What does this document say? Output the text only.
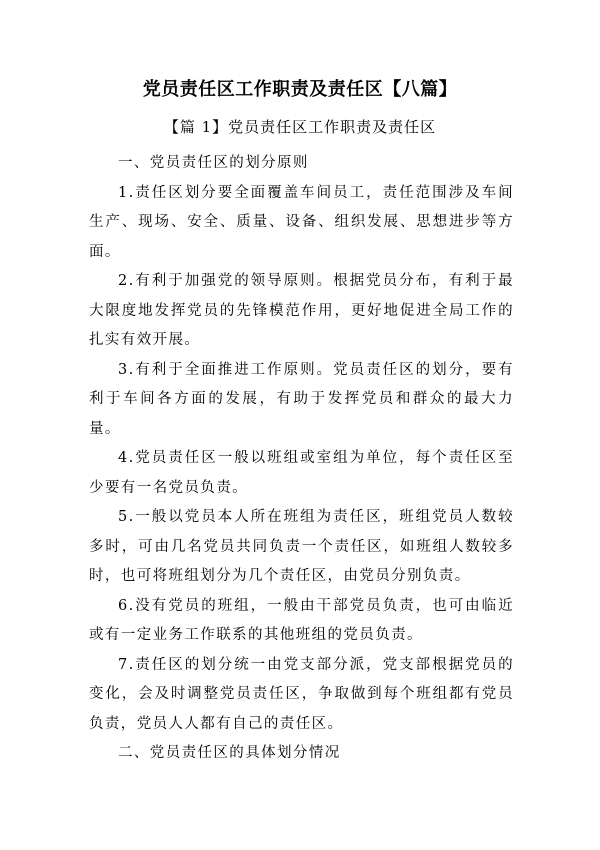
党员责任区工作职责及责任区【八篇】
【篇 1】党员责任区工作职责及责任区

一、党员责任区的划分原则

1.责任区划分要全面覆盖车间员工，责任范围涉及车间生产、现场、安全、质量、设备、组织发展、思想进步等方面。

2.有利于加强党的领导原则。根据党员分布，有利于最大限度地发挥党员的先锋模范作用，更好地促进全局工作的扎实有效开展。

3.有利于全面推进工作原则。党员责任区的划分，要有利于车间各方面的发展，有助于发挥党员和群众的最大力量。

4.党员责任区一般以班组或室组为单位，每个责任区至少要有一名党员负责。

5.一般以党员本人所在班组为责任区，班组党员人数较多时，可由几名党员共同负责一个责任区，如班组人数较多时，也可将班组划分为几个责任区，由党员分别负责。

6.没有党员的班组，一般由干部党员负责，也可由临近或有一定业务工作联系的其他班组的党员负责。

7.责任区的划分统一由党支部分派，党支部根据党员的变化，会及时调整党员责任区，争取做到每个班组都有党员负责，党员人人都有自己的责任区。

二、党员责任区的具体划分情况
